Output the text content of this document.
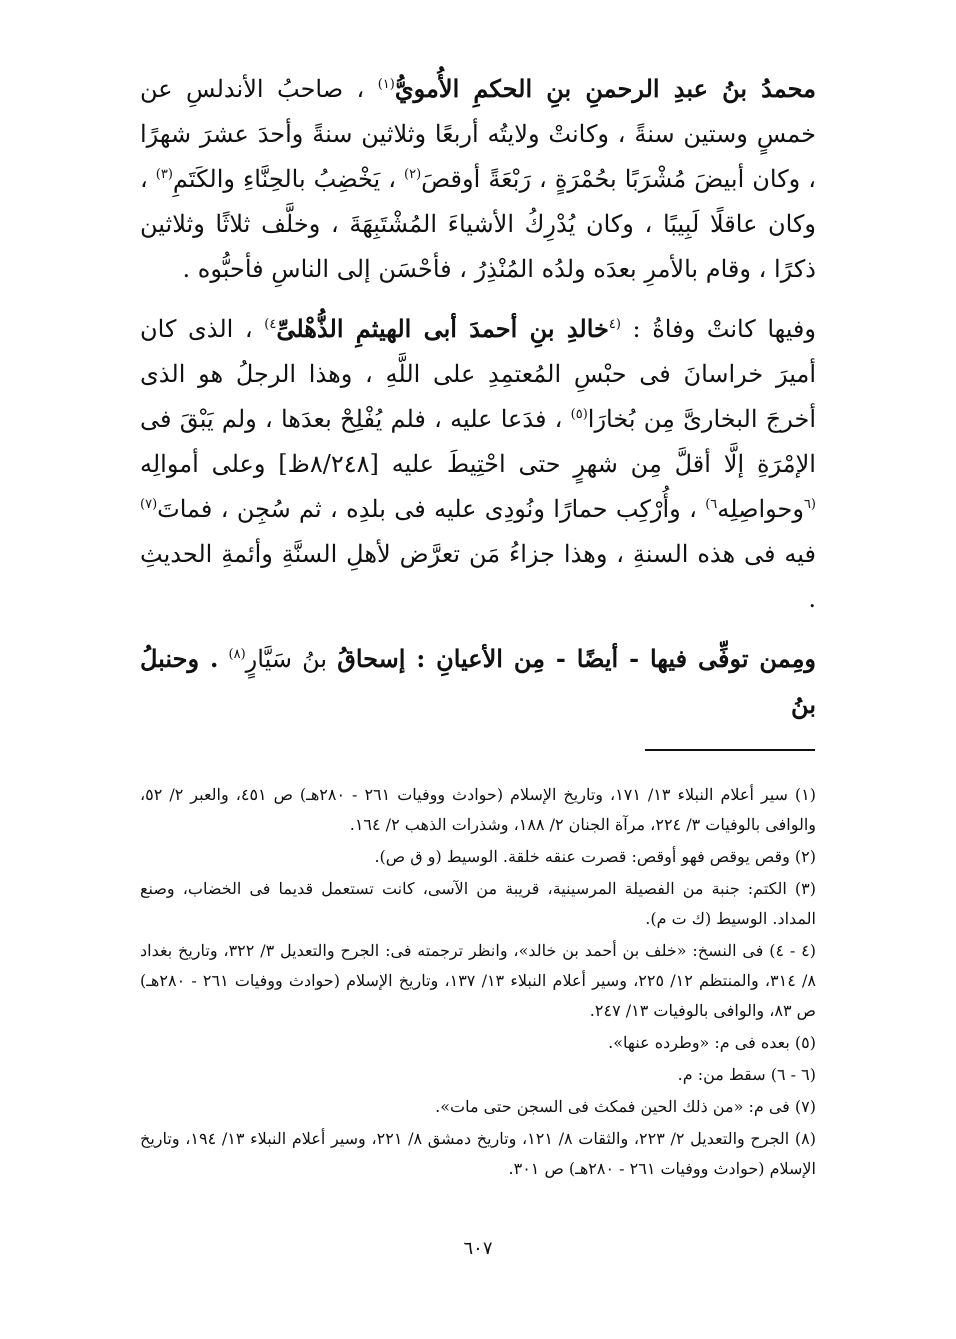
محمدُ بنُ عبدِ الرحمنِ بنِ الحكمِ الأُمويُّ$^{(١)}$ ، صاحبُ الأندلسِ عن خمسٍ وستين سنةً ، وكانتْ ولايتُه أربعًا وثلاثين سنةً وأحدَ عشرَ شهرًا ، وكان أبيضَ مُشْرَبًا بحُمْرَةٍ ، رَبْعَةً أوقصَ$^{(٢)}$ ، يَخْضِبُ بالحِنَّاءِ والكَتَمِ$^{(٣)}$ ، وكان عاقلًا لَبِيبًا ، وكان يُدْرِكُ الأشياءَ المُشْتَبِهَةَ ، وخلَّف ثلاثًا وثلاثين ذكرًا ، وقام بالأمرِ بعدَه ولدُه المُنْذِرُ ، فأحْسَن إلى الناسِ فأحبُّوه .

وفيها كانتْ وفاةُ : $^{(٤}$خالدِ بنِ أحمدَ أبى الهيثمِ الذُّهْلىِّ$^{٤)}$ ، الذى كان أميرَ خراسانَ فى حبْسِ المُعتمِدِ على اللَّهِ ، وهذا الرجلُ هو الذى أخرجَ البخارىَّ مِن بُخارَا$^{(٥)}$ ، فدَعا عليه ، فلم يُفْلِحْ بعدَها ، ولم يَبْقَ فى الإمْرَةِ إلَّا أقلَّ مِن شهرٍ حتى احْتِيطَ عليه [٨/٢٤٨ظ] وعلى أموالِه $^{(٦}$وحواصِلِه$^{٦)}$ ، وأُرْكِب حمارًا ونُودِى عليه فى بلدِه ، ثم سُجِن ، فماتَ$^{(٧)}$ فيه فى هذه السنةِ ، وهذا جزاءُ مَن تعرَّض لأهلِ السنَّةِ وأئمةِ الحديثِ .

ومِمن توفِّى فيها - أيضًا - مِن الأعيانِ : إسحاقُ بنُ سَيَّارٍ$^{(٨)}$ . وحنبلُ بنُ

(١) سير أعلام النبلاء ١٣/ ١٧١، وتاريخ الإسلام (حوادث ووفيات ٢٦١ - ٢٨٠هـ) ص ٤٥١، والعبر ٢/ ٥٢، والوافى بالوفيات ٣/ ٢٢٤، مرآة الجنان ٢/ ١٨٨، وشذرات الذهب ٢/ ١٦٤.
(٢) وقص يوقص فهو أوقص: قصرت عنقه خلقة. الوسيط (و ق ص).
(٣) الكتم: جنبة من الفصيلة المرسينية، قريبة من الآسى، كانت تستعمل قديما فى الخضاب، وصنع المداد. الوسيط (ك ت م).
(٤ - ٤) فى النسخ: «خلف بن أحمد بن خالد»، وانظر ترجمته فى: الجرح والتعديل ٣/ ٣٢٢، وتاريخ بغداد ٨/ ٣١٤، والمنتظم ١٢/ ٢٢٥، وسير أعلام النبلاء ١٣/ ١٣٧، وتاريخ الإسلام (حوادث ووفيات ٢٦١ - ٢٨٠هـ) ص ٨٣، والوافى بالوفيات ١٣/ ٢٤٧.
(٥) بعده فى م: «وطرده عنها».
(٦ - ٦) سقط من: م.
(٧) فى م: «من ذلك الحين فمكث فى السجن حتى مات».
(٨) الجرح والتعديل ٢/ ٢٢٣، والثقات ٨/ ١٢١، وتاريخ دمشق ٨/ ٢٢١، وسير أعلام النبلاء ١٣/ ١٩٤، وتاريخ الإسلام (حوادث ووفيات ٢٦١ - ٢٨٠هـ) ص ٣٠١.
٦٠٧
